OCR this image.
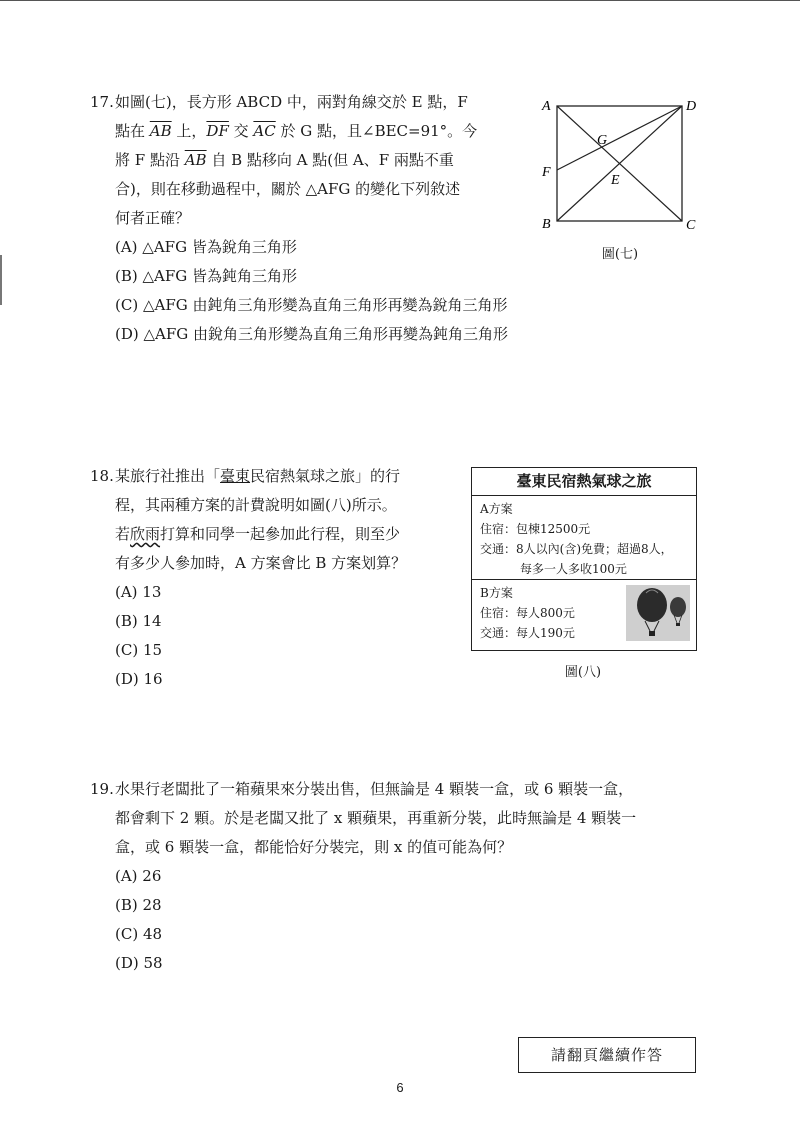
17.如圖(七)，長方形 ABCD 中，兩對角線交於 E 點，F
點在 $\overline{AB}$ 上，$\overline{DF}$ 交 $\overline{AC}$ 於 G 點，且∠BEC=91°。今
將 F 點沿 $\overline{AB}$ 自 B 點移向 A 點(但 A、F 兩點不重
合)，則在移動過程中，關於 △AFG 的變化下列敘述
何者正確？
(A) △AFG 皆為銳角三角形
(B) △AFG 皆為鈍角三角形
(C) △AFG 由鈍角三角形變為直角三角形再變為銳角三角形
(D) △AFG 由銳角三角形變為直角三角形再變為鈍角三角形
A	D
B	C
F
G
E
圖(七)
18.某旅行社推出「臺東民宿熱氣球之旅」的行
程，其兩種方案的計費說明如圖(八)所示。
若欣雨打算和同學一起參加此行程，則至少
有多少人參加時，A 方案會比 B 方案划算？
(A) 13
(B) 14
(C) 15
(D) 16
臺東民宿熱氣球之旅
A方案
住宿：包棟12500元
交通：8人以內(含)免費；超過8人，
每多一人多收100元
B方案
住宿：每人800元
交通：每人190元
圖(八)
19.水果行老闆批了一箱蘋果來分裝出售，但無論是 4 顆裝一盒，或 6 顆裝一盒，
都會剩下 2 顆。於是老闆又批了 x 顆蘋果，再重新分裝，此時無論是 4 顆裝一
盒，或 6 顆裝一盒，都能恰好分裝完，則 x 的值可能為何？
(A) 26
(B) 28
(C) 48
(D) 58
請翻頁繼續作答
6
